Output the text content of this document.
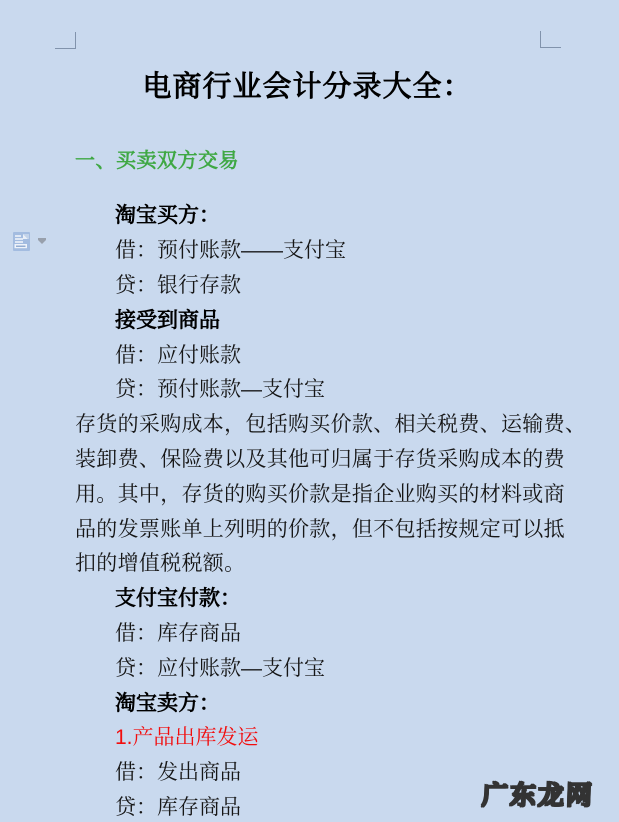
电商行业会计分录大全：
一、买卖双方交易
淘宝买方：
借：预付账款——支付宝
贷：银行存款
接受到商品
借：应付账款
贷：预付账款—支付宝
存货的采购成本，包括购买价款、相关税费、运输费、
装卸费、保险费以及其他可归属于存货采购成本的费
用。其中，存货的购买价款是指企业购买的材料或商
品的发票账单上列明的价款，但不包括按规定可以抵
扣的增值税税额。
支付宝付款：
借：库存商品
贷：应付账款—支付宝
淘宝卖方：
1.产品出库发运
借：发出商品
贷：库存商品	广东龙网
